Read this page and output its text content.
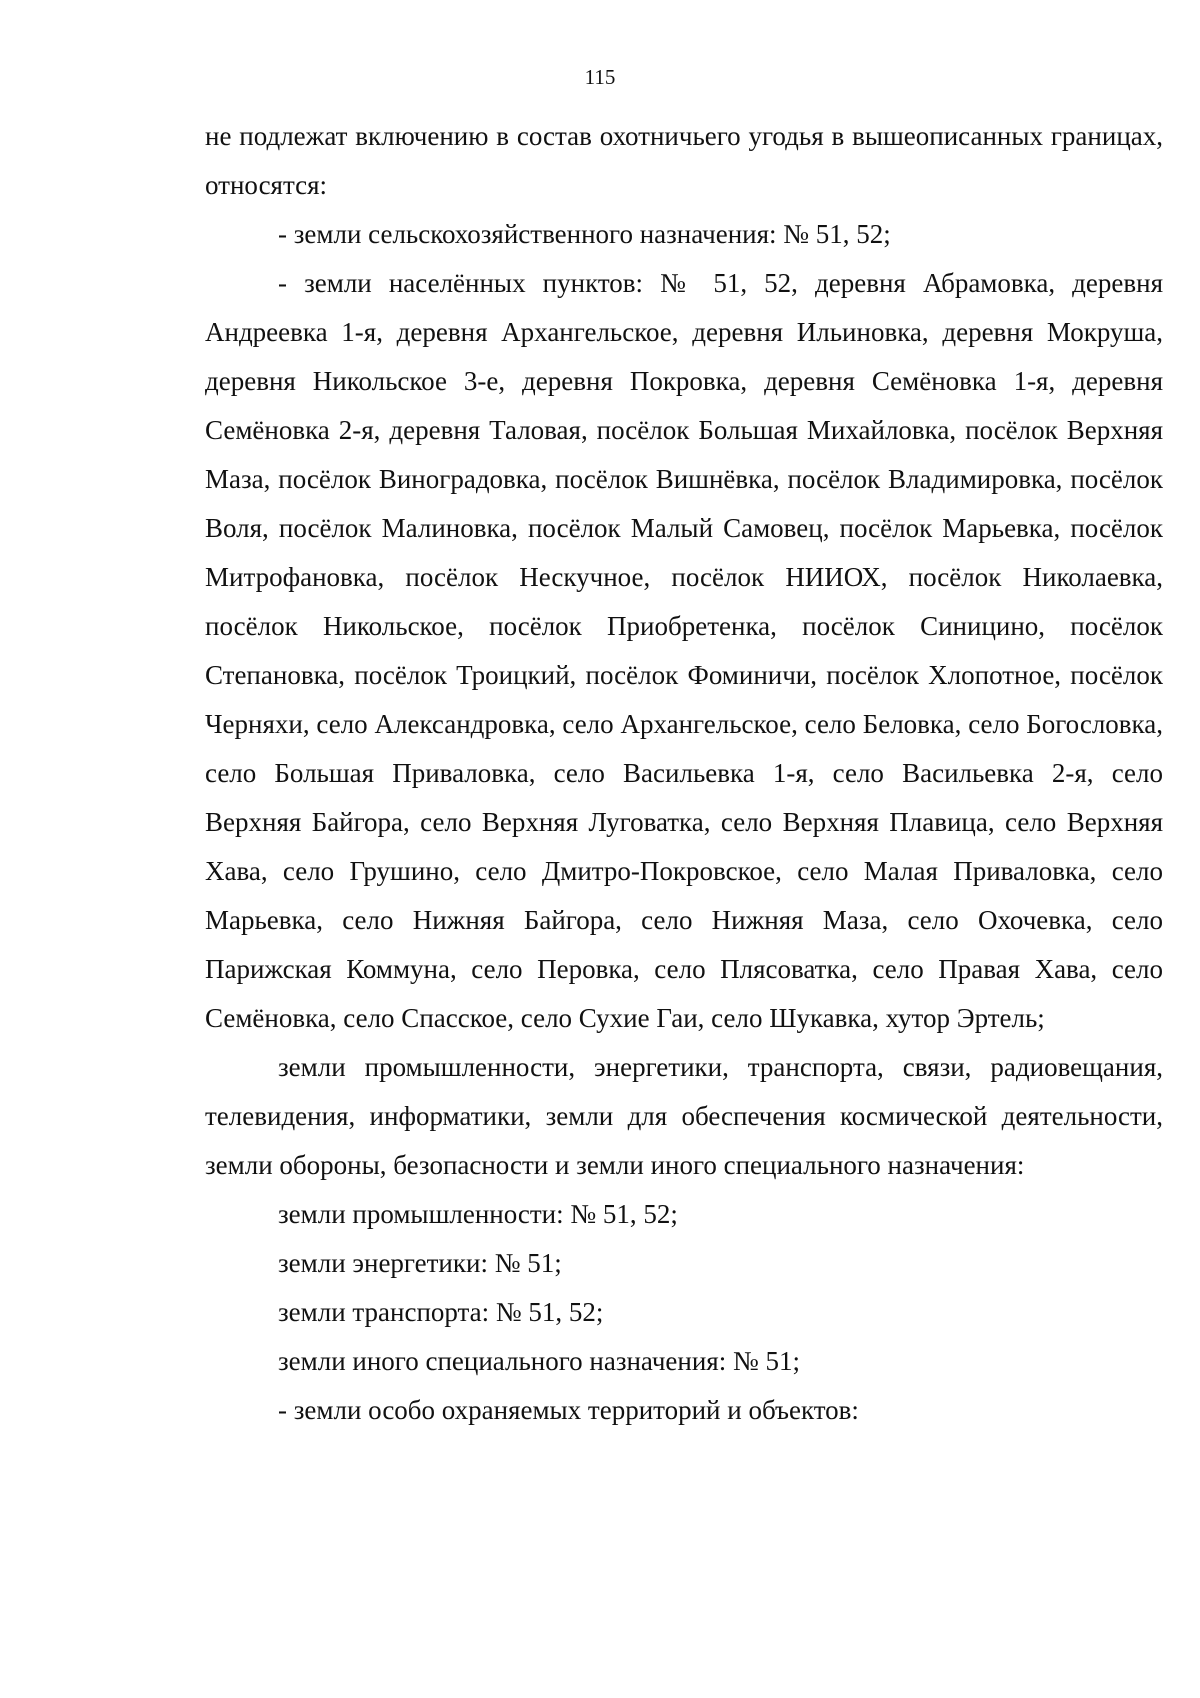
115

не подлежат включению в состав охотничьего угодья в вышеописанных границах, относятся:

- земли сельскохозяйственного назначения: № 51, 52;

- земли населённых пунктов: № 51, 52, деревня Абрамовка, деревня Андреевка 1-я, деревня Архангельское, деревня Ильиновка, деревня Мокруша, деревня Никольское 3-е, деревня Покровка, деревня Семёновка 1-я, деревня Семёновка 2-я, деревня Таловая, посёлок Большая Михайловка, посёлок Верхняя Маза, посёлок Виноградовка, посёлок Вишнёвка, посёлок Владимировка, посёлок Воля, посёлок Малиновка, посёлок Малый Самовец, посёлок Марьевка, посёлок Митрофановка, посёлок Нескучное, посёлок НИИОХ, посёлок Николаевка, посёлок Никольское, посёлок Приобретенка, посёлок Синицино, посёлок Степановка, посёлок Троицкий, посёлок Фоминичи, посёлок Хлопотное, посёлок Черняхи, село Александровка, село Архангельское, село Беловка, село Богословка, село Большая Приваловка, село Васильевка 1-я, село Васильевка 2-я, село Верхняя Байгора, село Верхняя Луговатка, село Верхняя Плавица, село Верхняя Хава, село Грушино, село Дмитро-Покровское, село Малая Приваловка, село Марьевка, село Нижняя Байгора, село Нижняя Маза, село Охочевка, село Парижская Коммуна, село Перовка, село Плясоватка, село Правая Хава, село Семёновка, село Спасское, село Сухие Гаи, село Шукавка, хутор Эртель;

земли промышленности, энергетики, транспорта, связи, радиовещания, телевидения, информатики, земли для обеспечения космической деятельности, земли обороны, безопасности и земли иного специального назначения:

земли промышленности: № 51, 52;

земли энергетики: № 51;

земли транспорта: № 51, 52;

земли иного специального назначения: № 51;

- земли особо охраняемых территорий и объектов:
